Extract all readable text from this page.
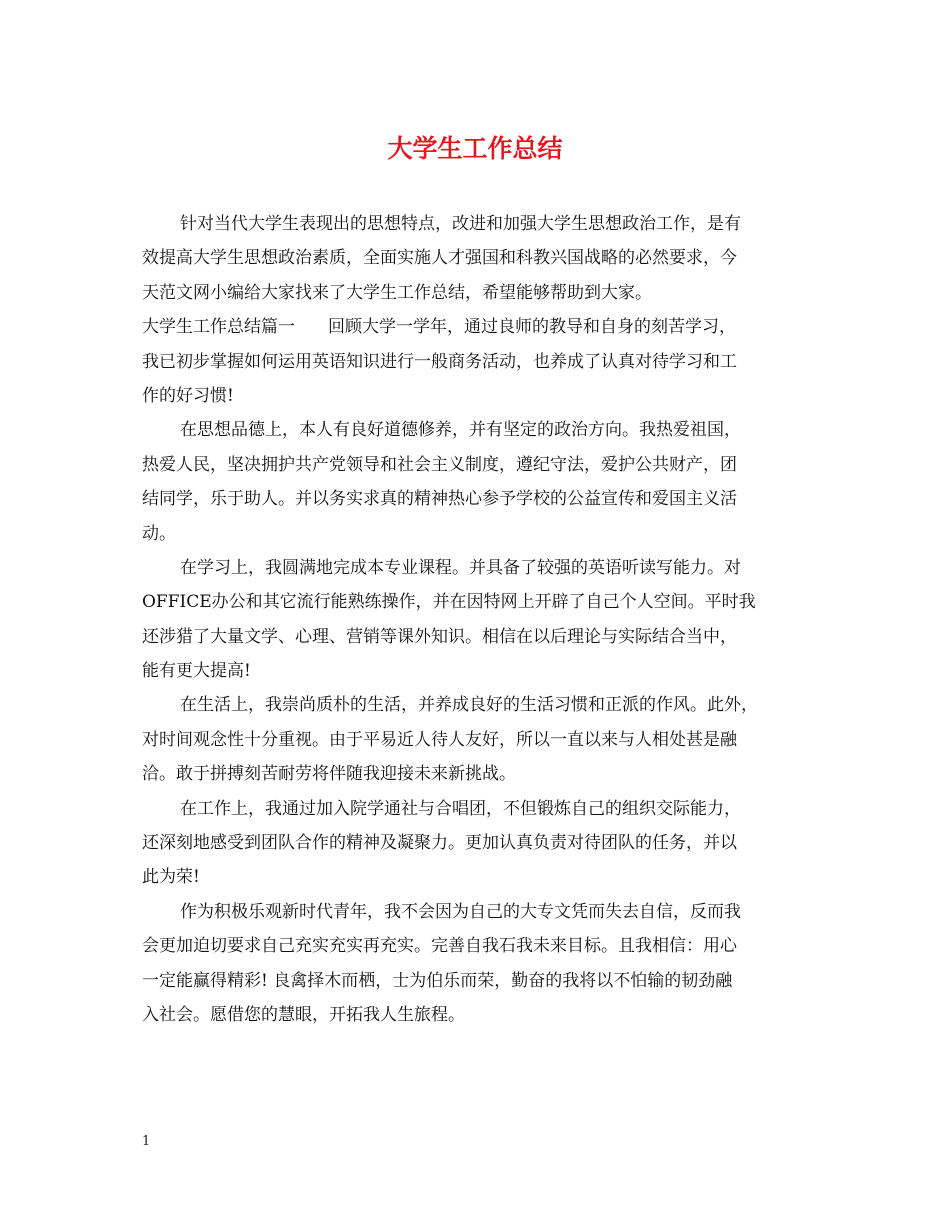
大学生工作总结
针对当代大学生表现出的思想特点，改进和加强大学生思想政治工作，是有
效提高大学生思想政治素质，全面实施人才强国和科教兴国战略的必然要求，今
天范文网小编给大家找来了大学生工作总结，希望能够帮助到大家。
大学生工作总结篇一 回顾大学一学年，通过良师的教导和自身的刻苦学习，
我已初步掌握如何运用英语知识进行一般商务活动，也养成了认真对待学习和工
作的好习惯!
在思想品德上，本人有良好道德修养，并有坚定的政治方向。我热爱祖国，
热爱人民，坚决拥护共产党领导和社会主义制度，遵纪守法，爱护公共财产，团
结同学，乐于助人。并以务实求真的精神热心参予学校的公益宣传和爱国主义活
动。
在学习上，我圆满地完成本专业课程。并具备了较强的英语听读写能力。对
OFFICE办公和其它流行能熟练操作，并在因特网上开辟了自己个人空间。平时我
还涉猎了大量文学、心理、营销等课外知识。相信在以后理论与实际结合当中，
能有更大提高!
在生活上，我崇尚质朴的生活，并养成良好的生活习惯和正派的作风。此外，
对时间观念性十分重视。由于平易近人待人友好，所以一直以来与人相处甚是融
洽。敢于拼搏刻苦耐劳将伴随我迎接未来新挑战。
在工作上，我通过加入院学通社与合唱团，不但锻炼自己的组织交际能力，
还深刻地感受到团队合作的精神及凝聚力。更加认真负责对待团队的任务，并以
此为荣!
作为积极乐观新时代青年，我不会因为自己的大专文凭而失去自信，反而我
会更加迫切要求自己充实充实再充实。完善自我石我未来目标。且我相信：用心
一定能赢得精彩! 良禽择木而栖，士为伯乐而荣，勤奋的我将以不怕输的韧劲融
入社会。愿借您的慧眼，开拓我人生旅程。
1
